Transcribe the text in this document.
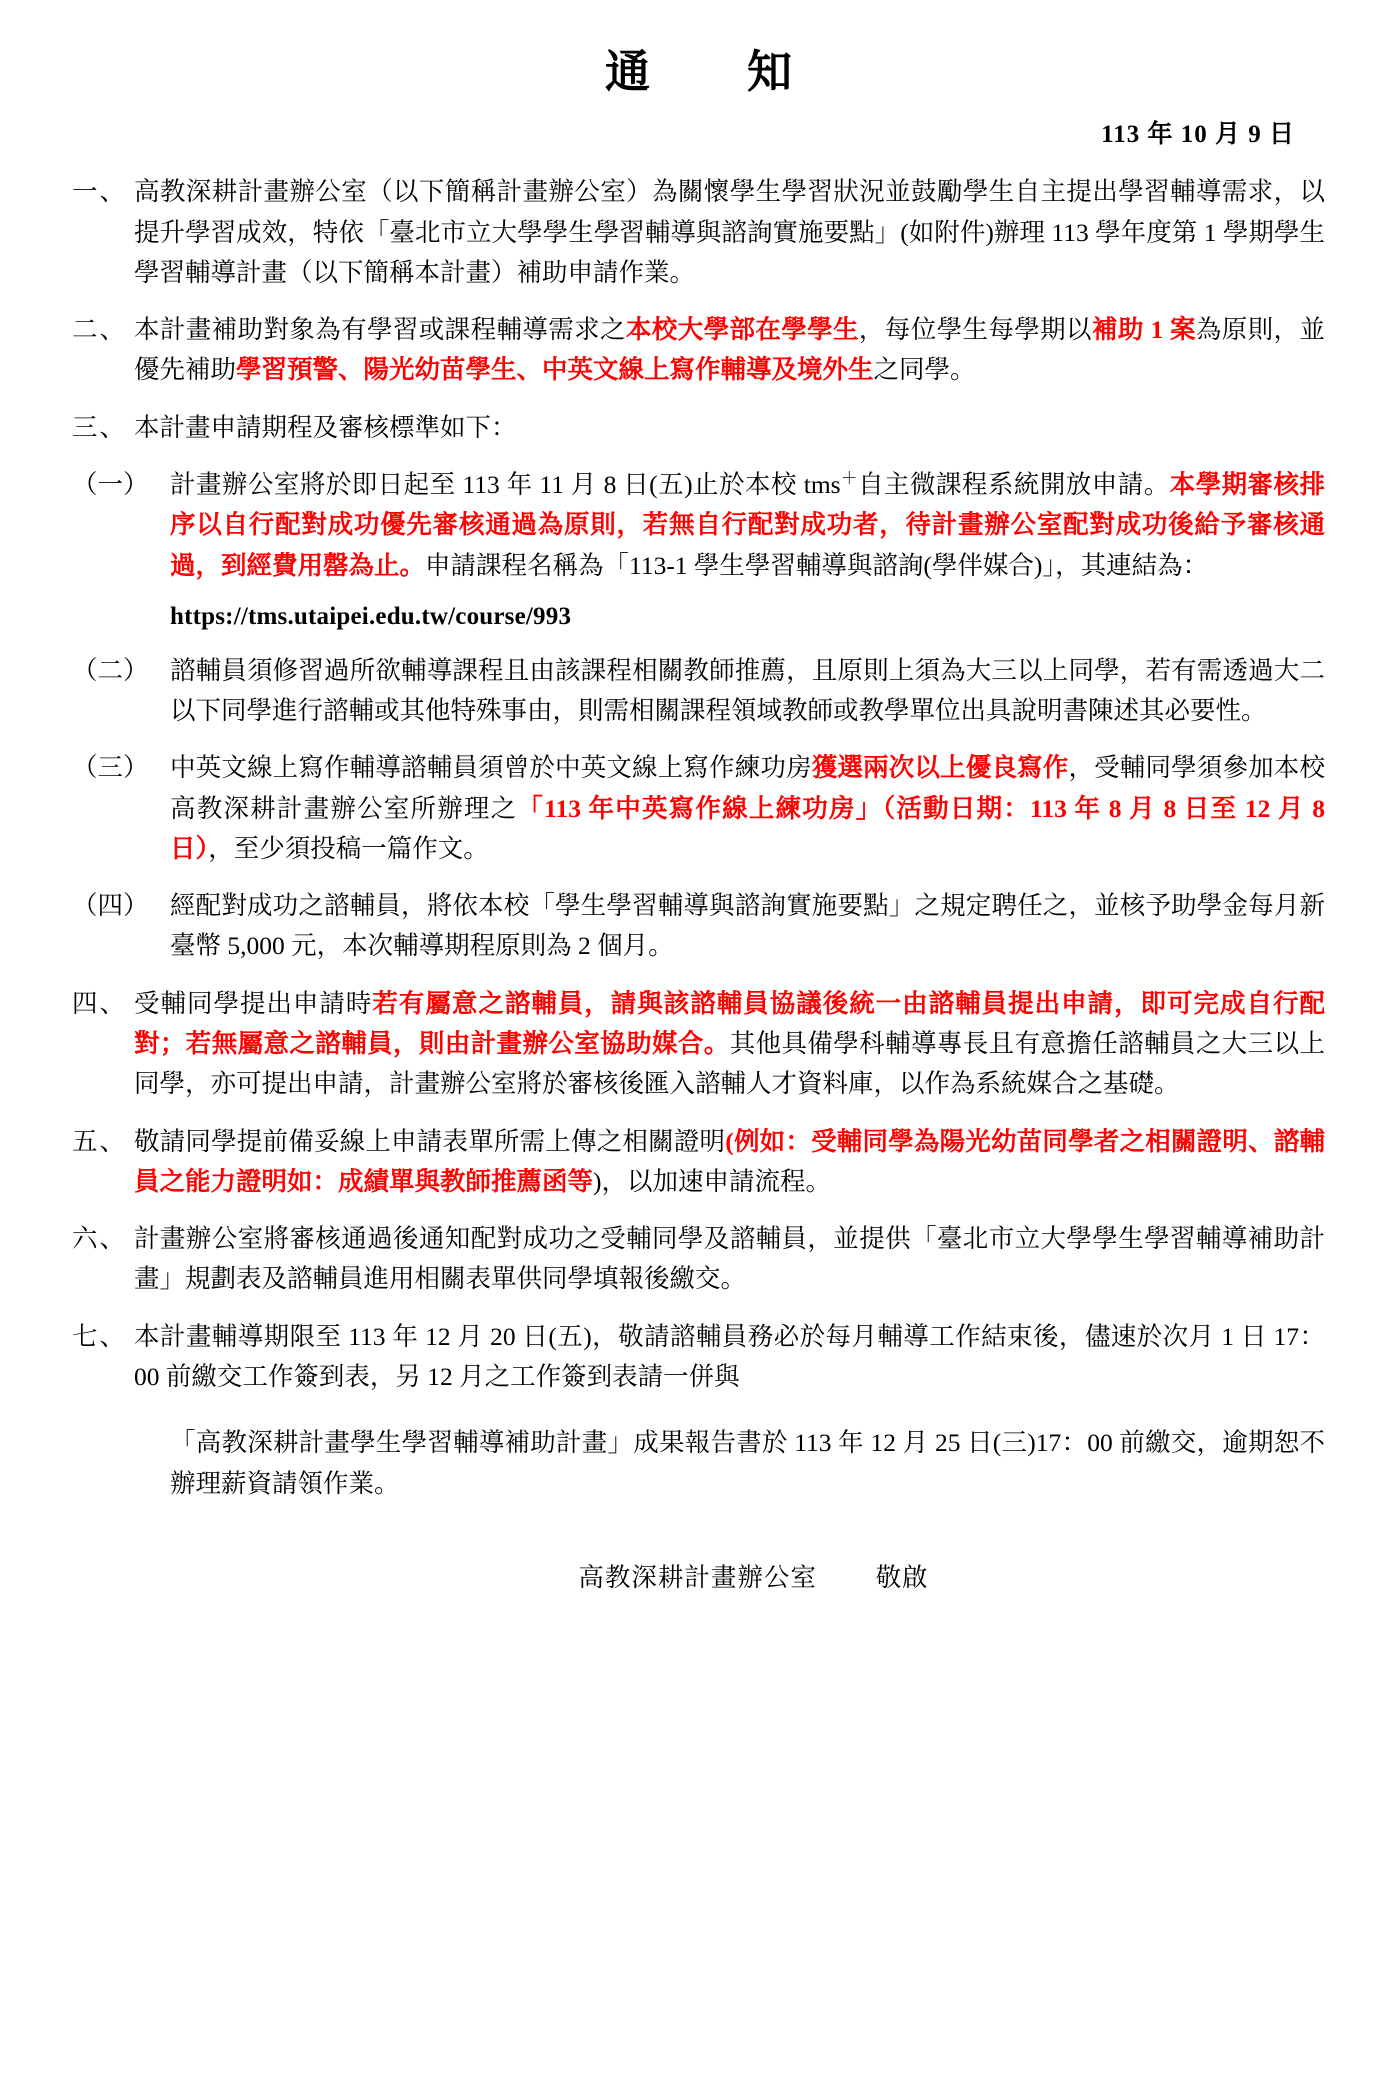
通　知
113 年 10 月 9 日
一、 高教深耕計畫辦公室（以下簡稱計畫辦公室）為關懷學生學習狀況並鼓勵學生自主提出學習輔導需求，以提升學習成效，特依「臺北市立大學學生學習輔導與諮詢實施要點」(如附件)辦理 113 學年度第 1 學期學生學習輔導計畫（以下簡稱本計畫）補助申請作業。
二、 本計畫補助對象為有學習或課程輔導需求之本校大學部在學學生，每位學生每學期以補助 1 案為原則，並優先補助學習預警、陽光幼苗學生、中英文線上寫作輔導及境外生之同學。
三、 本計畫申請期程及審核標準如下：
（一） 計畫辦公室將於即日起至 113 年 11 月 8 日(五)止於本校 tms＋自主微課程系統開放申請。本學期審核排序以自行配對成功優先審核通過為原則，若無自行配對成功者，待計畫辦公室配對成功後給予審核通過，到經費用罄為止。申請課程名稱為「113-1 學生學習輔導與諮詢(學伴媒合)」，其連結為：
https://tms.utaipei.edu.tw/course/993
（二） 諮輔員須修習過所欲輔導課程且由該課程相關教師推薦，且原則上須為大三以上同學，若有需透過大二以下同學進行諮輔或其他特殊事由，則需相關課程領域教師或教學單位出具說明書陳述其必要性。
（三） 中英文線上寫作輔導諮輔員須曾於中英文線上寫作練功房獲選兩次以上優良寫作，受輔同學須參加本校高教深耕計畫辦公室所辦理之「113 年中英寫作線上練功房」（活動日期：113 年 8 月 8 日至 12 月 8 日），至少須投稿一篇作文。
（四） 經配對成功之諮輔員，將依本校「學生學習輔導與諮詢實施要點」之規定聘任之，並核予助學金每月新臺幣 5,000 元，本次輔導期程原則為 2 個月。
四、 受輔同學提出申請時若有屬意之諮輔員，請與該諮輔員協議後統一由諮輔員提出申請，即可完成自行配對；若無屬意之諮輔員，則由計畫辦公室協助媒合。其他具備學科輔導專長且有意擔任諮輔員之大三以上同學，亦可提出申請，計畫辦公室將於審核後匯入諮輔人才資料庫，以作為系統媒合之基礎。
五、 敬請同學提前備妥線上申請表單所需上傳之相關證明(例如：受輔同學為陽光幼苗同學者之相關證明、諮輔員之能力證明如：成績單與教師推薦函等)，以加速申請流程。
六、 計畫辦公室將審核通過後通知配對成功之受輔同學及諮輔員，並提供「臺北市立大學學生學習輔導補助計畫」規劃表及諮輔員進用相關表單供同學填報後繳交。
七、 本計畫輔導期限至 113 年 12 月 20 日(五)，敬請諮輔員務必於每月輔導工作結束後，儘速於次月 1 日 17：00 前繳交工作簽到表，另 12 月之工作簽到表請一併與
「高教深耕計畫學生學習輔導補助計畫」成果報告書於 113 年 12 月 25 日(三)17：00 前繳交，逾期恕不辦理薪資請領作業。
高教深耕計畫辦公室 敬啟
